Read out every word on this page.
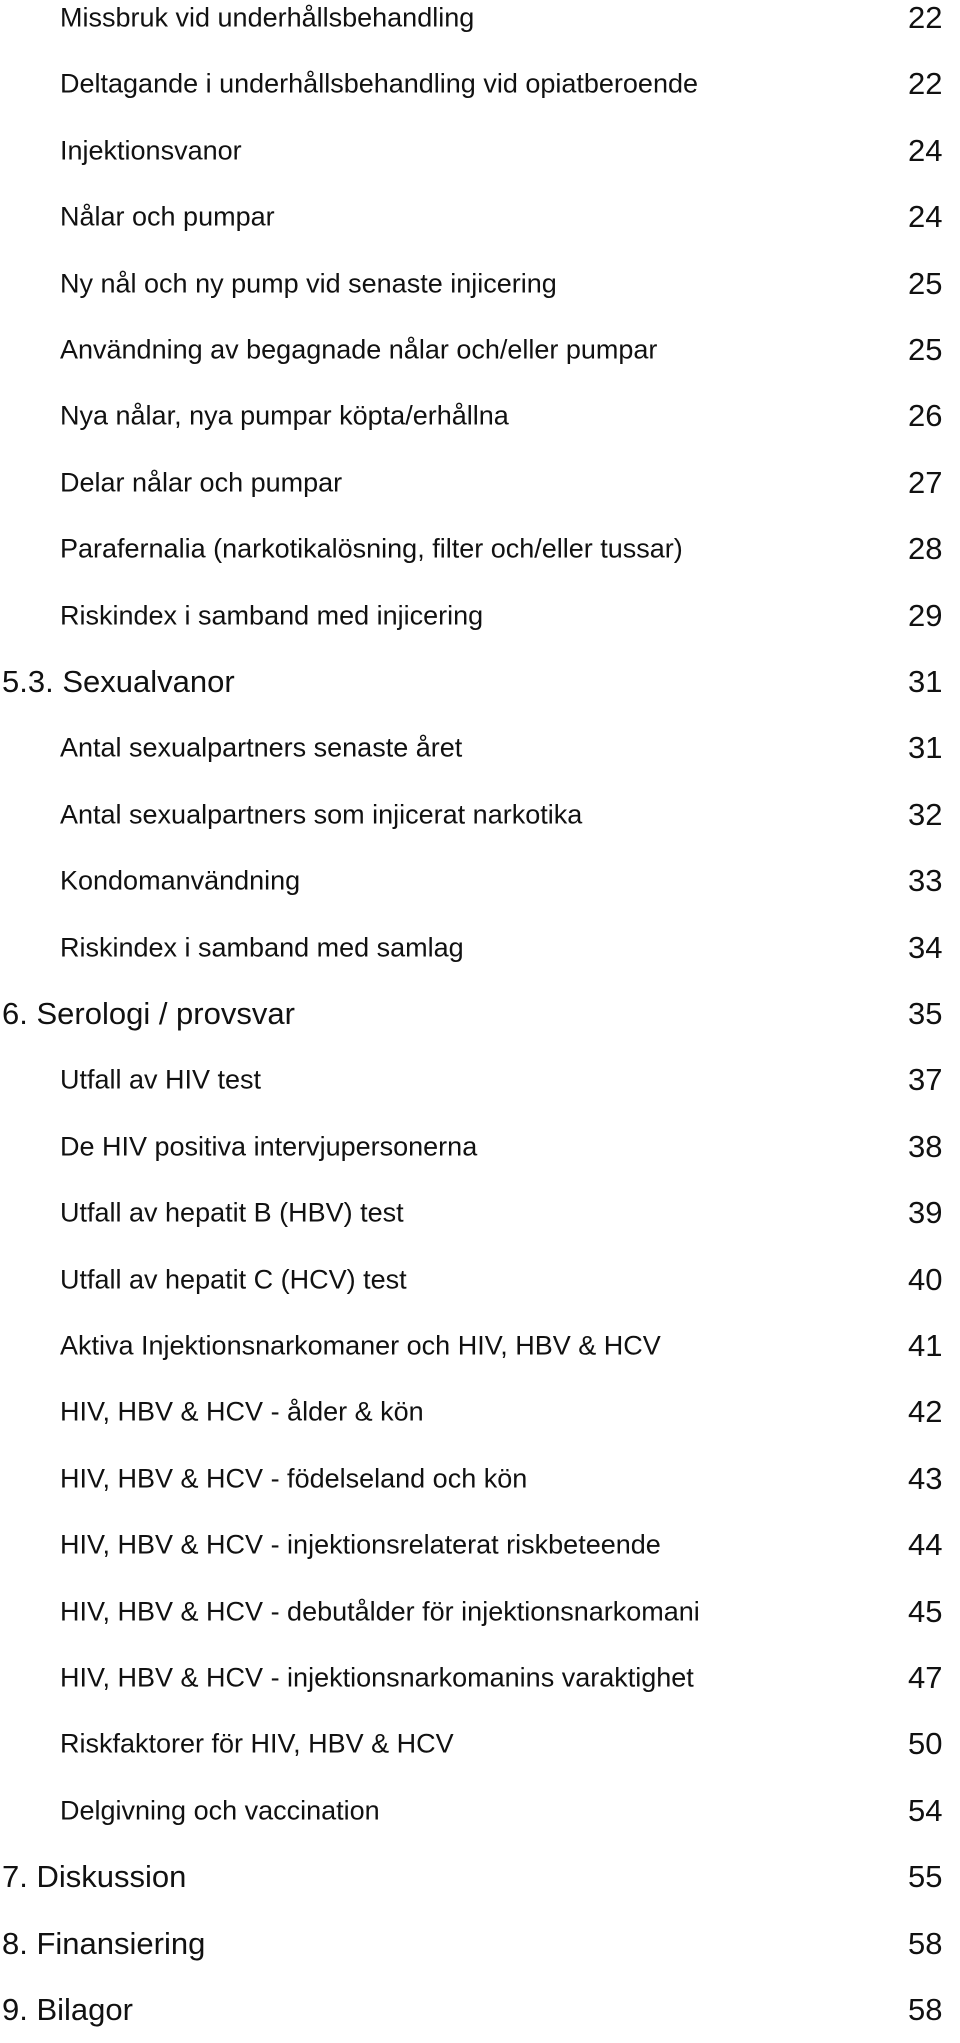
Missbruk vid underhållsbehandling	22
Deltagande i underhållsbehandling vid opiatberoende	22
Injektionsvanor	24
Nålar och pumpar	24
Ny nål och ny pump vid senaste injicering	25
Användning av begagnade nålar och/eller pumpar	25
Nya nålar, nya pumpar köpta/erhållna	26
Delar nålar och pumpar	27
Parafernalia (narkotikalösning, filter och/eller tussar)	28
Riskindex i samband med injicering	29
5.3. Sexualvanor	31
Antal sexualpartners senaste året	31
Antal sexualpartners som injicerat narkotika	32
Kondomanvändning	33
Riskindex i samband med samlag	34
6. Serologi / provsvar	35
Utfall av HIV test	37
De HIV positiva intervjupersonerna	38
Utfall av hepatit B (HBV) test	39
Utfall av hepatit C (HCV) test	40
Aktiva Injektionsnarkomaner och HIV, HBV & HCV	41
HIV, HBV & HCV - ålder & kön	42
HIV, HBV & HCV - födelseland och kön	43
HIV, HBV & HCV - injektionsrelaterat riskbeteende	44
HIV, HBV & HCV - debutålder för injektionsnarkomani	45
HIV, HBV & HCV - injektionsnarkomanins varaktighet	47
Riskfaktorer för HIV, HBV & HCV	50
Delgivning och vaccination	54
7. Diskussion	55
8. Finansiering	58
9. Bilagor	58
